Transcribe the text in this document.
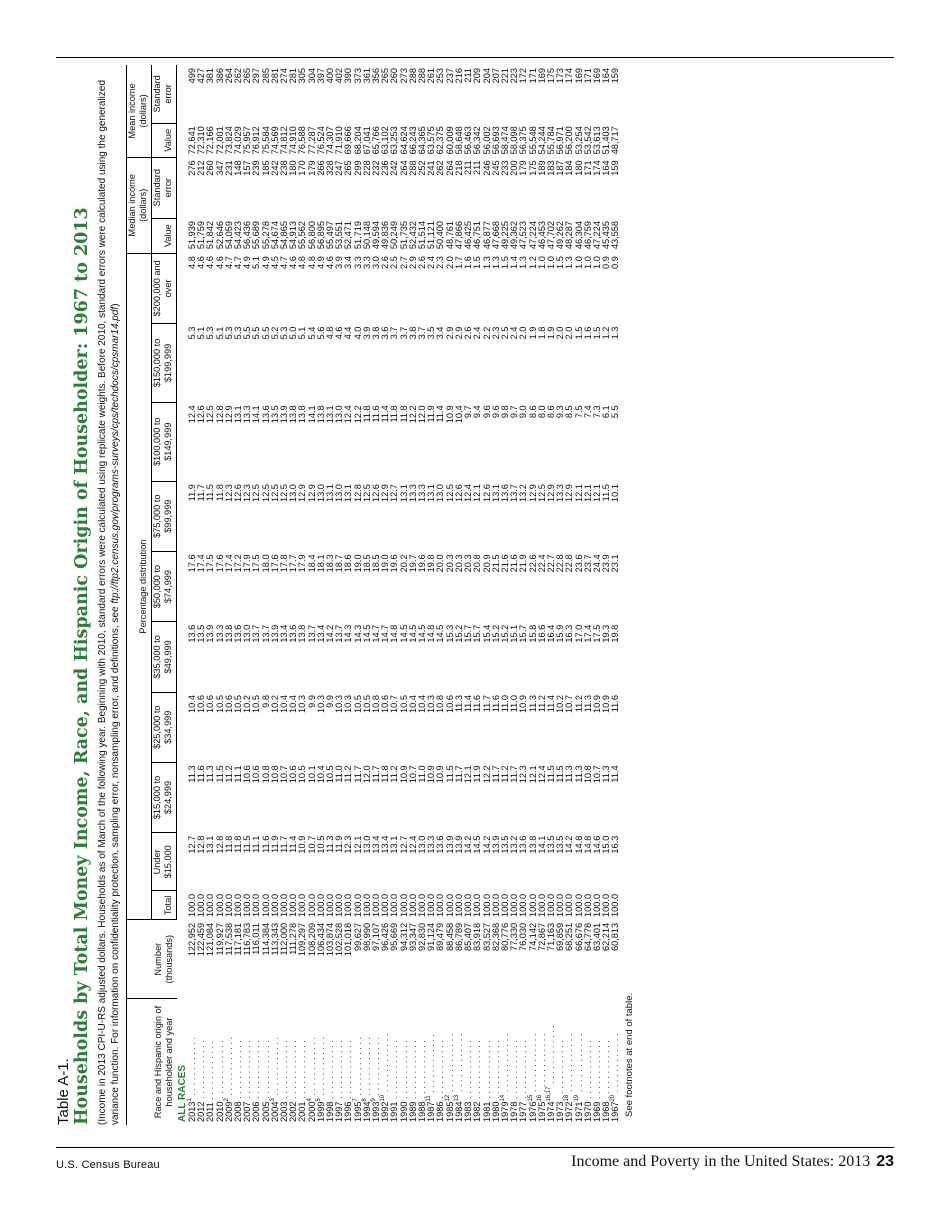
Table A-1. Households by Total Money Income, Race, and Hispanic Origin of Householder: 1967 to 2013 (Income in 2013 CPI-U-RS adjusted dollars. Households as of March of the following year. Beginning with 2010, standard errors were calculated using replicate weights. Before 2010, standard errors were calculated using the generalized variance function. For information on confidentiality protection, sampling error, nonsampling error, and definitions, see ftp://ftp2.census.gov/programs-surveys/cps/techdocs/cpsmar14.pdf)

Race and Hispanic origin of householder and year	Number (thousands)	Percentage distribution										Median income (dollars)		Mean income (dollars)	
		Total	Under $15,000	$15,000 to $24,999	$25,000 to $34,999	$35,000 to $49,999	$50,000 to $74,999	$75,000 to $99,999	$100,000 to $149,999	$150,000 to $199,999	$200,000 and over	Value	Standard error	Value	Standard error
ALL RACES															
2013$^1$ . . . . . . . . . . . .	122,952	100.0	12.7	11.3	10.4	13.6	17.6	11.9	12.4	5.3	4.8	51,939	276	72,641	499
2012 . . . . . . . . . . . .	122,459	100.0	12.8	11.6	10.6	13.5	17.4	11.7	12.6	5.1	4.6	51,759	212	72,310	427
2011 . . . . . . . . . . . .	121,084	100.0	13.1	11.3	10.6	13.9	17.5	11.5	12.5	5.3	4.6	51,842	260	72,166	381
2010 . . . . . . . . . . . .	119,927	100.0	12.8	11.5	10.5	13.3	17.6	11.8	12.8	5.1	4.6	52,646	347	72,001	386
2009$^2$ . . . . . . . . . . . .	117,538	100.0	11.8	11.2	10.6	13.8	17.4	12.3	12.9	5.3	4.7	54,059	231	73,824	264
2008 . . . . . . . . . . . .	117,181	100.0	11.8	11.1	10.5	13.6	17.2	12.6	13.1	5.3	4.7	54,423	148	74,029	262
2007 . . . . . . . . . . . .	116,783	100.0	11.5	10.6	10.2	13.0	17.9	12.3	13.3	5.5	4.9	56,436	157	75,957	265
2006 . . . . . . . . . . . .	116,011	100.0	11.1	10.6	10.5	13.7	17.5	12.5	14.1	5.5	5.1	55,689	239	76,912	297
2005 . . . . . . . . . . . .	114,384	100.0	11.6	10.8	9.8	13.7	18.0	12.5	13.6	5.5	4.9	55,278	185	75,584	285
2004$^3$ . . . . . . . . . . . .	113,343	100.0	11.9	10.8	10.2	13.9	17.6	12.5	13.5	5.2	4.5	54,674	242	74,569	281
2003 . . . . . . . . . . . .	112,000	100.0	11.7	10.7	10.4	13.4	17.8	12.5	13.9	5.3	4.7	54,865	238	74,812	274
2002 . . . . . . . . . . . .	111,278	100.0	11.4	10.6	10.4	13.6	17.7	13.0	13.8	5.0	4.6	54,913	180	74,910	281
2001 . . . . . . . . . . . .	109,297	100.0	10.9	10.5	10.3	13.8	17.9	12.9	13.8	5.1	4.8	55,562	170	76,588	305
2000$^4$ . . . . . . . . . . . .	108,209	100.0	10.7	10.1	9.9	13.7	18.4	12.9	14.1	5.4	4.8	56,800	179	77,287	304
1999$^5$ . . . . . . . . . . . .	106,434	100.0	10.5	10.4	10.3	13.4	18.1	13.0	13.8	5.6	4.9	56,895	266	76,524	397
1998 . . . . . . . . . . . .	103,874	100.0	11.3	10.5	9.9	14.2	18.3	13.1	13.1	4.8	4.6	55,497	328	74,307	400
1997 . . . . . . . . . . . .	102,528	100.0	11.9	11.0	10.3	13.7	18.7	13.0	13.0	4.6	3.9	53,551	247	71,910	402
1996 . . . . . . . . . . . .	101,018	100.0	12.3	11.2	10.3	14.3	18.6	13.1	12.4	4.4	3.4	52,471	265	69,666	390
1995$^7$ . . . . . . . . . . . .	99,627	100.0	12.1	11.7	10.5	14.3	19.0	12.8	12.2	4.0	3.3	51,719	299	68,204	373
1994$^8$ . . . . . . . . . . . .	98,990	100.0	13.0	12.0	10.5	14.5	18.5	12.5	11.8	3.9	3.3	50,148	228	67,041	361
1993$^9$ . . . . . . . . . . . .	97,107	100.0	13.4	11.7	10.8	14.7	18.5	12.6	11.6	3.8	3.0	49,594	232	65,766	356
1992$^{10}$ . . . . . . . . . . . .	96,426	100.0	13.4	11.8	10.6	14.7	19.0	12.9	11.4	3.6	2.6	49,836	236	63,102	265
1991 . . . . . . . . . . . .	95,669	100.0	13.1	11.2	10.7	14.8	19.6	12.7	11.8	3.7	2.5	50,249	242	63,253	260
1990 . . . . . . . . . . . .	94,312	100.0	12.7	10.9	10.5	14.5	20.2	13.1	11.8	3.7	2.7	51,735	264	64,624	273
1989 . . . . . . . . . . . .	93,347	100.0	12.4	10.7	10.4	14.5	19.7	13.3	12.2	3.8	2.9	52,432	288	66,243	288
1988 . . . . . . . . . . . .	92,830	100.0	13.0	11.0	10.4	14.5	19.6	13.3	12.0	3.7	2.6	51,514	252	64,365	288
1987$^{11}$ . . . . . . . . . . . .	91,124	100.0	13.3	10.9	10.3	14.8	19.8	13.1	11.9	3.5	2.4	51,121	241	63,575	261
1986 . . . . . . . . . . . .	89,479	100.0	13.6	10.9	10.8	14.5	20.0	13.0	11.4	3.4	2.3	50,400	262	62,375	253
1985$^{12}$ . . . . . . . . . . . .	88,458	100.0	13.9	11.5	10.6	15.3	20.3	12.5	10.9	2.9	2.0	48,761	264	60,009	237
1984$^{13}$ . . . . . . . . . . . .	86,789	100.0	13.9	11.7	11.3	15.2	20.3	12.6	10.4	2.9	1.7	47,866	218	58,648	216
1983 . . . . . . . . . . . .	85,407	100.0	14.2	12.1	11.4	15.7	20.3	12.4	9.7	2.6	1.6	46,425	211	56,463	211
1982 . . . . . . . . . . . .	83,918	100.0	14.5	11.9	11.6	15.7	20.8	12.1	9.4	2.4	1.5	46,751	211	56,342	209
1981 . . . . . . . . . . . .	83,527	100.0	14.2	12.2	11.7	15.4	20.9	12.6	9.6	2.2	1.3	46,877	246	56,002	204
1980 . . . . . . . . . . . .	82,368	100.0	13.9	11.7	11.6	15.2	21.5	13.1	9.6	2.3	1.3	47,668	245	56,693	207
1979$^{14}$ . . . . . . . . . . . .	80,776	100.0	13.5	11.2	11.0	15.2	21.6	13.6	9.8	2.5	1.5	49,225	233	58,474	221
1978 . . . . . . . . . . . .	77,330	100.0	13.2	11.7	11.0	15.1	21.6	13.7	9.7	2.4	1.4	49,362	200	58,098	223
1977 . . . . . . . . . . . .	76,030	100.0	13.6	12.3	10.9	15.7	21.9	13.2	9.0	2.0	1.3	47,523	179	56,375	172
1976$^{15}$ . . . . . . . . . . . .	74,142	100.0	13.8	12.1	11.3	15.8	22.6	12.9	8.6	1.9	1.2	47,224	175	55,548	171
1975$^{16}$ . . . . . . . . . . . .	72,867	100.0	14.1	12.4	11.2	16.6	22.4	12.5	8.0	1.8	1.0	46,453	189	54,244	169
1974$^{16,17}$ . . . . . . . . . . . .	71,163	100.0	13.5	11.5	11.4	16.4	22.7	12.9	8.6	1.9	1.0	47,702	183	55,784	175
1973 . . . . . . . . . . . .	69,859	100.0	13.5	11.5	10.2	15.9	22.8	13.3	9.3	2.0	1.5	49,262	187	56,971	173
1972$^{18}$ . . . . . . . . . . . .	68,251	100.0	14.2	11.3	10.7	16.3	22.8	12.9	8.5	2.0	1.3	48,287	184	56,200	174
1971$^{19}$ . . . . . . . . . . . .	66,676	100.0	14.8	11.3	11.2	17.0	23.6	12.1	7.5	1.5	1.0	46,304	180	53,254	169
1970 . . . . . . . . . . . .	64,778	100.0	14.8	10.8	11.3	17.4	23.7	12.1	7.4	1.6	1.0	46,759	171	53,542	171
1969 . . . . . . . . . . . .	63,401	100.0	14.6	10.7	10.9	17.5	24.4	12.1	7.3	1.5	1.0	47,224	174	53,613	169
1968 . . . . . . . . . . . .	62,214	100.0	15.0	11.3	10.9	19.3	23.9	11.5	6.1	1.2	0.9	45,435	164	51,403	164
1967$^{20}$ . . . . . . . . . . . .	60,813	100.0	16.3	11.4	11.6	19.8	23.1	10.1	5.5	1.3	0.9	43,558	159	48,717	159
See footnotes at end of table.
U.S. Census Bureau	Income and Poverty in the United States: 2013 23
